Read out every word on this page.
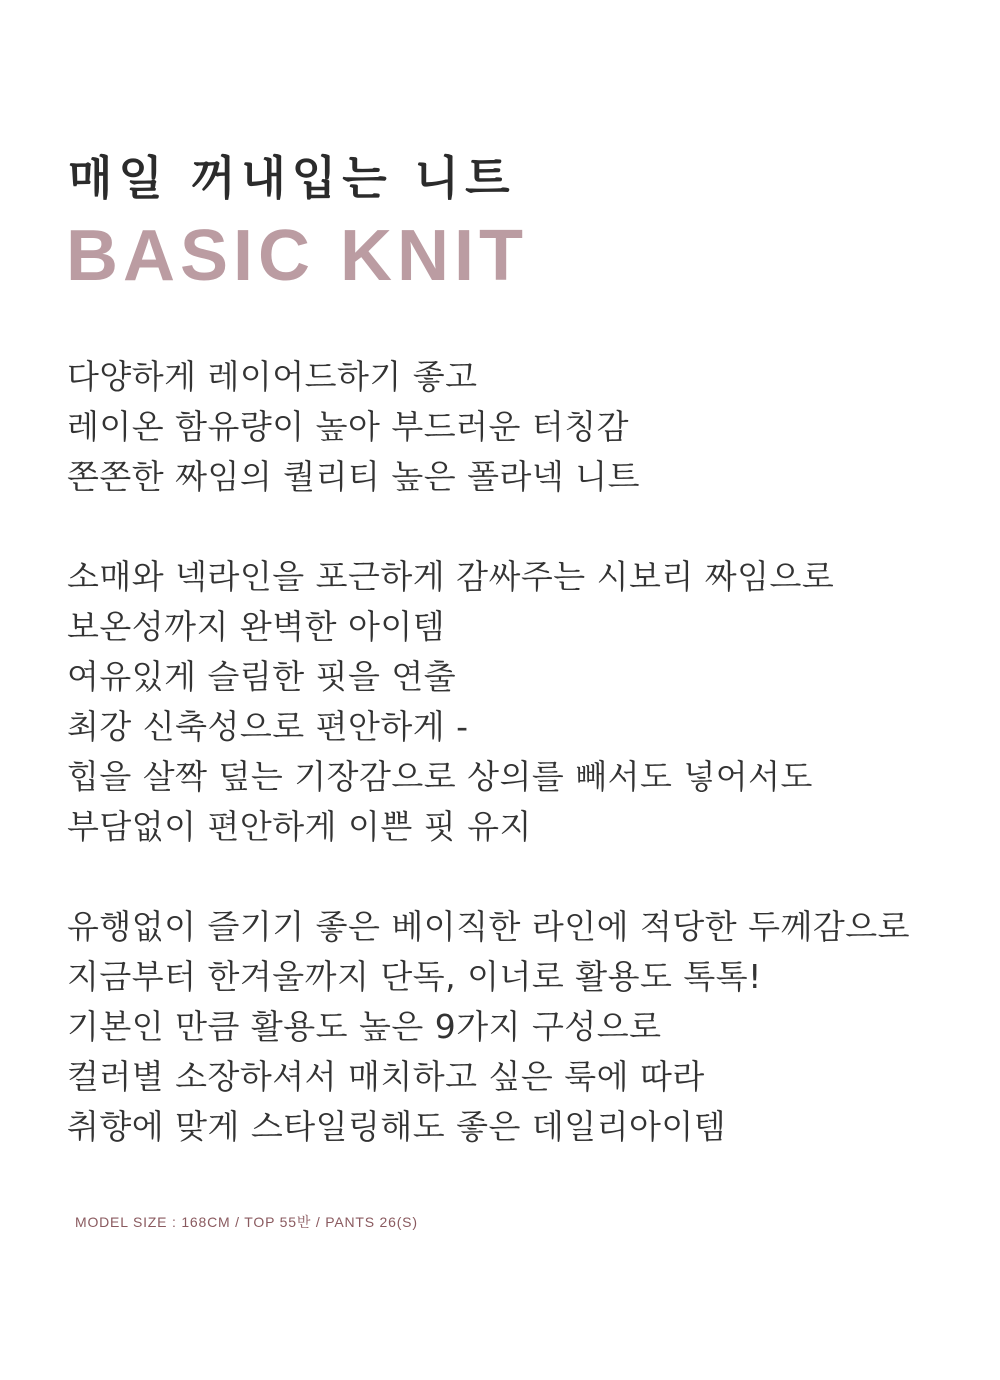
매일 꺼내입는 니트
BASIC KNIT
다양하게 레이어드하기 좋고
레이온 함유량이 높아 부드러운 터칭감
쫀쫀한 짜임의 퀄리티 높은 폴라넥 니트
소매와 넥라인을 포근하게 감싸주는 시보리 짜임으로
보온성까지 완벽한 아이템
여유있게 슬림한 핏을 연출
최강 신축성으로 편안하게 -
힙을 살짝 덮는 기장감으로 상의를 빼서도 넣어서도
부담없이 편안하게 이쁜 핏 유지
유행없이 즐기기 좋은 베이직한 라인에 적당한 두께감으로
지금부터 한겨울까지 단독, 이너로 활용도 톡톡!
기본인 만큼 활용도 높은 9가지 구성으로
컬러별 소장하셔서 매치하고 싶은 룩에 따라
취향에 맞게 스타일링해도 좋은 데일리아이템

MODEL SIZE : 168CM / TOP 55반 / PANTS 26(S)
